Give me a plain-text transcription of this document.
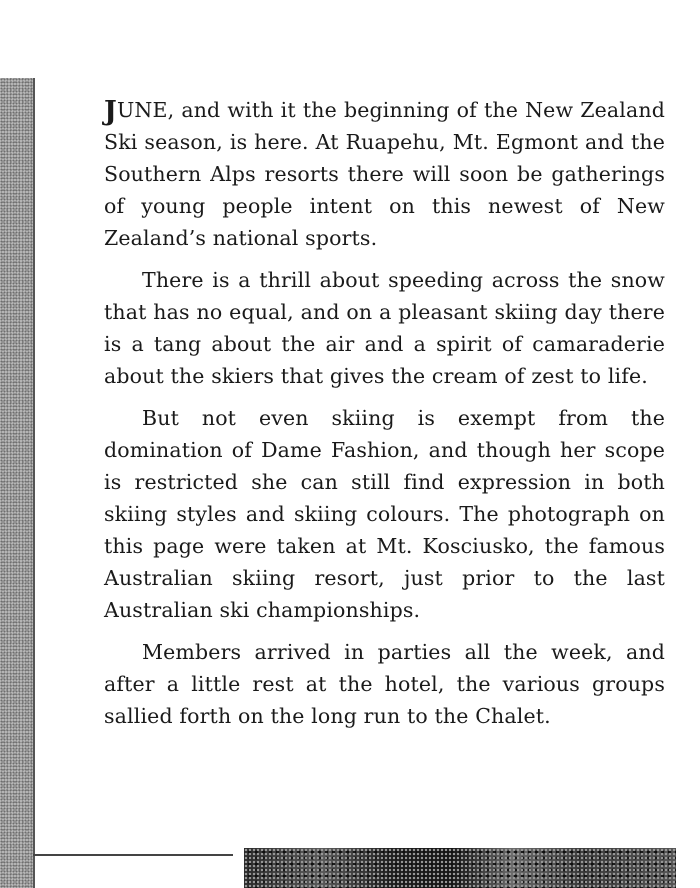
JUNE, and with it the beginning of the New Zealand Ski season, is here. At Ruapehu, Mt. Egmont and the Southern Alps resorts there will soon be gatherings of young people intent on this newest of New Zealand’s national sports.

There is a thrill about speeding across the snow that has no equal, and on a pleasant skiing day there is a tang about the air and a spirit of camaraderie about the skiers that gives the cream of zest to life.

But not even skiing is exempt from the domination of Dame Fashion, and though her scope is restricted she can still find expression in both skiing styles and skiing colours. The photograph on this page were taken at Mt. Kosciusko, the famous Australian skiing resort, just prior to the last Australian ski championships.

Members arrived in parties all the week, and after a little rest at the hotel, the various groups sallied forth on the long run to the Chalet.
